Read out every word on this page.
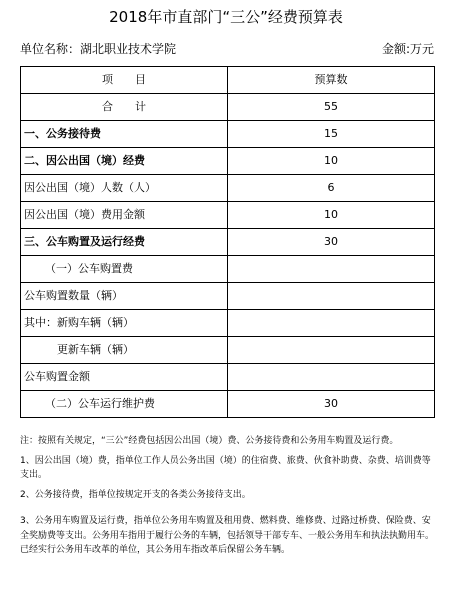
2018年市直部门“三公”经费预算表
单位名称：湖北职业技术学院	金额:万元
项　　目	预算数
合　　计	55
一、公务接待费	15
二、因公出国（境）经费	10
因公出国（境）人数（人）	6
因公出国（境）费用金额	10
三、公车购置及运行经费	30
（一）公车购置费	
公车购置数量（辆）	
其中：新购车辆（辆）	
更新车辆（辆）	
公车购置金额	
（二）公车运行维护费	30

注：按照有关规定，“三公”经费包括因公出国（境）费、公务接待费和公务用车购置及运行费。

1、因公出国（境）费，指单位工作人员公务出国（境）的住宿费、旅费、伙食补助费、杂费、培训费等支出。

2、公务接待费，指单位按规定开支的各类公务接待支出。

3、公务用车购置及运行费，指单位公务用车购置及租用费、燃料费、维修费、过路过桥费、保险费、安全奖励费等支出。公务用车指用于履行公务的车辆，包括领导干部专车、一般公务用车和执法执勤用车。已经实行公务用车改革的单位，其公务用车指改革后保留公务车辆。
